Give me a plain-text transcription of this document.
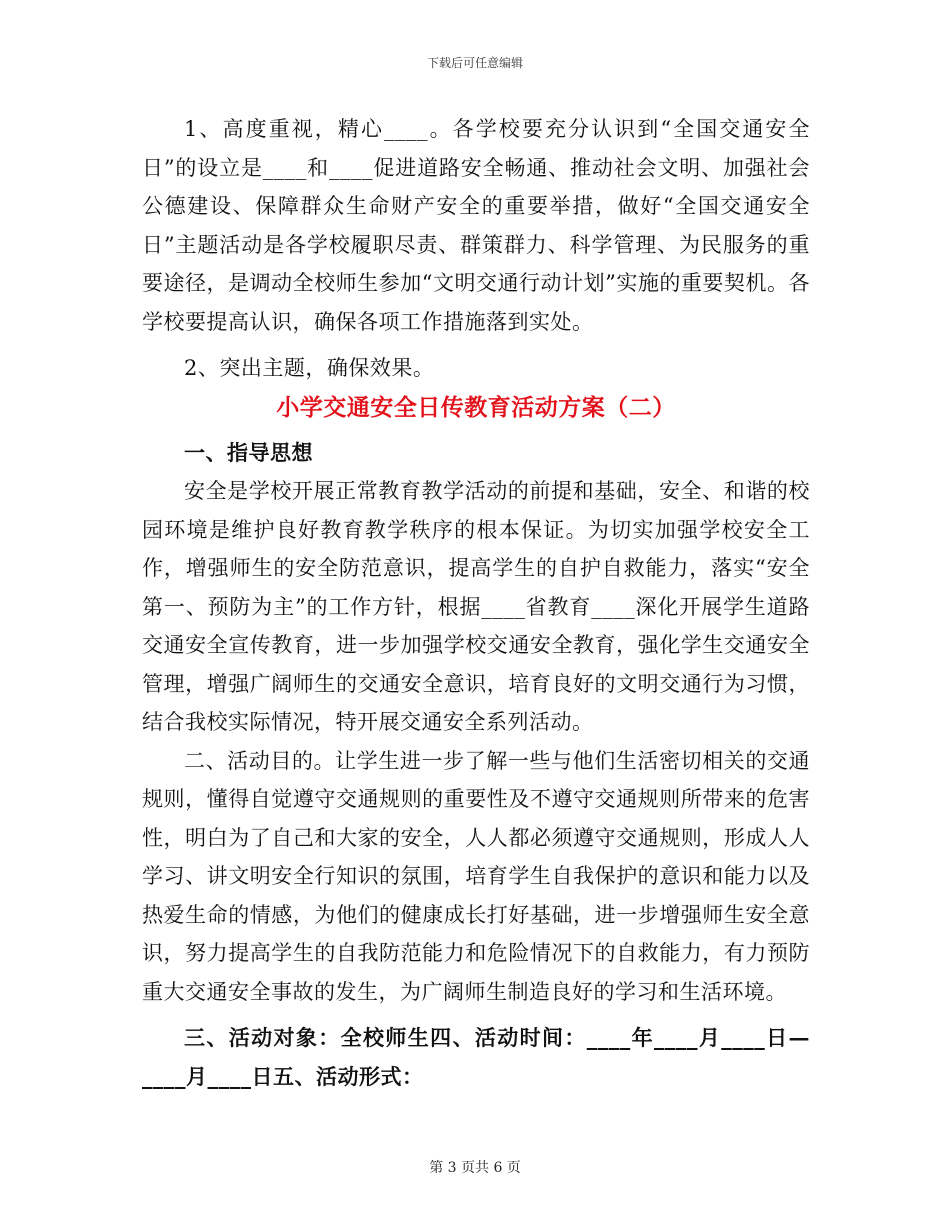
下载后可任意编辑

1、高度重视，精心____。各学校要充分认识到“全国交通安全日”的设立是____和____促进道路安全畅通、推动社会文明、加强社会公德建设、保障群众生命财产安全的重要举措，做好“全国交通安全日”主题活动是各学校履职尽责、群策群力、科学管理、为民服务的重要途径，是调动全校师生参加“文明交通行动计划”实施的重要契机。各学校要提高认识，确保各项工作措施落到实处。

2、突出主题，确保效果。

小学交通安全日传教育活动方案（二）

一、指导思想

安全是学校开展正常教育教学活动的前提和基础，安全、和谐的校园环境是维护良好教育教学秩序的根本保证。为切实加强学校安全工作，增强师生的安全防范意识，提高学生的自护自救能力，落实“安全第一、预防为主”的工作方针，根据____省教育____深化开展学生道路交通安全宣传教育，进一步加强学校交通安全教育，强化学生交通安全管理，增强广阔师生的交通安全意识，培育良好的文明交通行为习惯，结合我校实际情况，特开展交通安全系列活动。

二、活动目的。让学生进一步了解一些与他们生活密切相关的交通规则，懂得自觉遵守交通规则的重要性及不遵守交通规则所带来的危害性，明白为了自己和大家的安全，人人都必须遵守交通规则，形成人人学习、讲文明安全行知识的氛围，培育学生自我保护的意识和能力以及热爱生命的情感，为他们的健康成长打好基础，进一步增强师生安全意识，努力提高学生的自我防范能力和危险情况下的自救能力，有力预防重大交通安全事故的发生，为广阔师生制造良好的学习和生活环境。

三、活动对象：全校师生四、活动时间：____年____月____日—____月____日五、活动形式：

第 3 页共 6 页
